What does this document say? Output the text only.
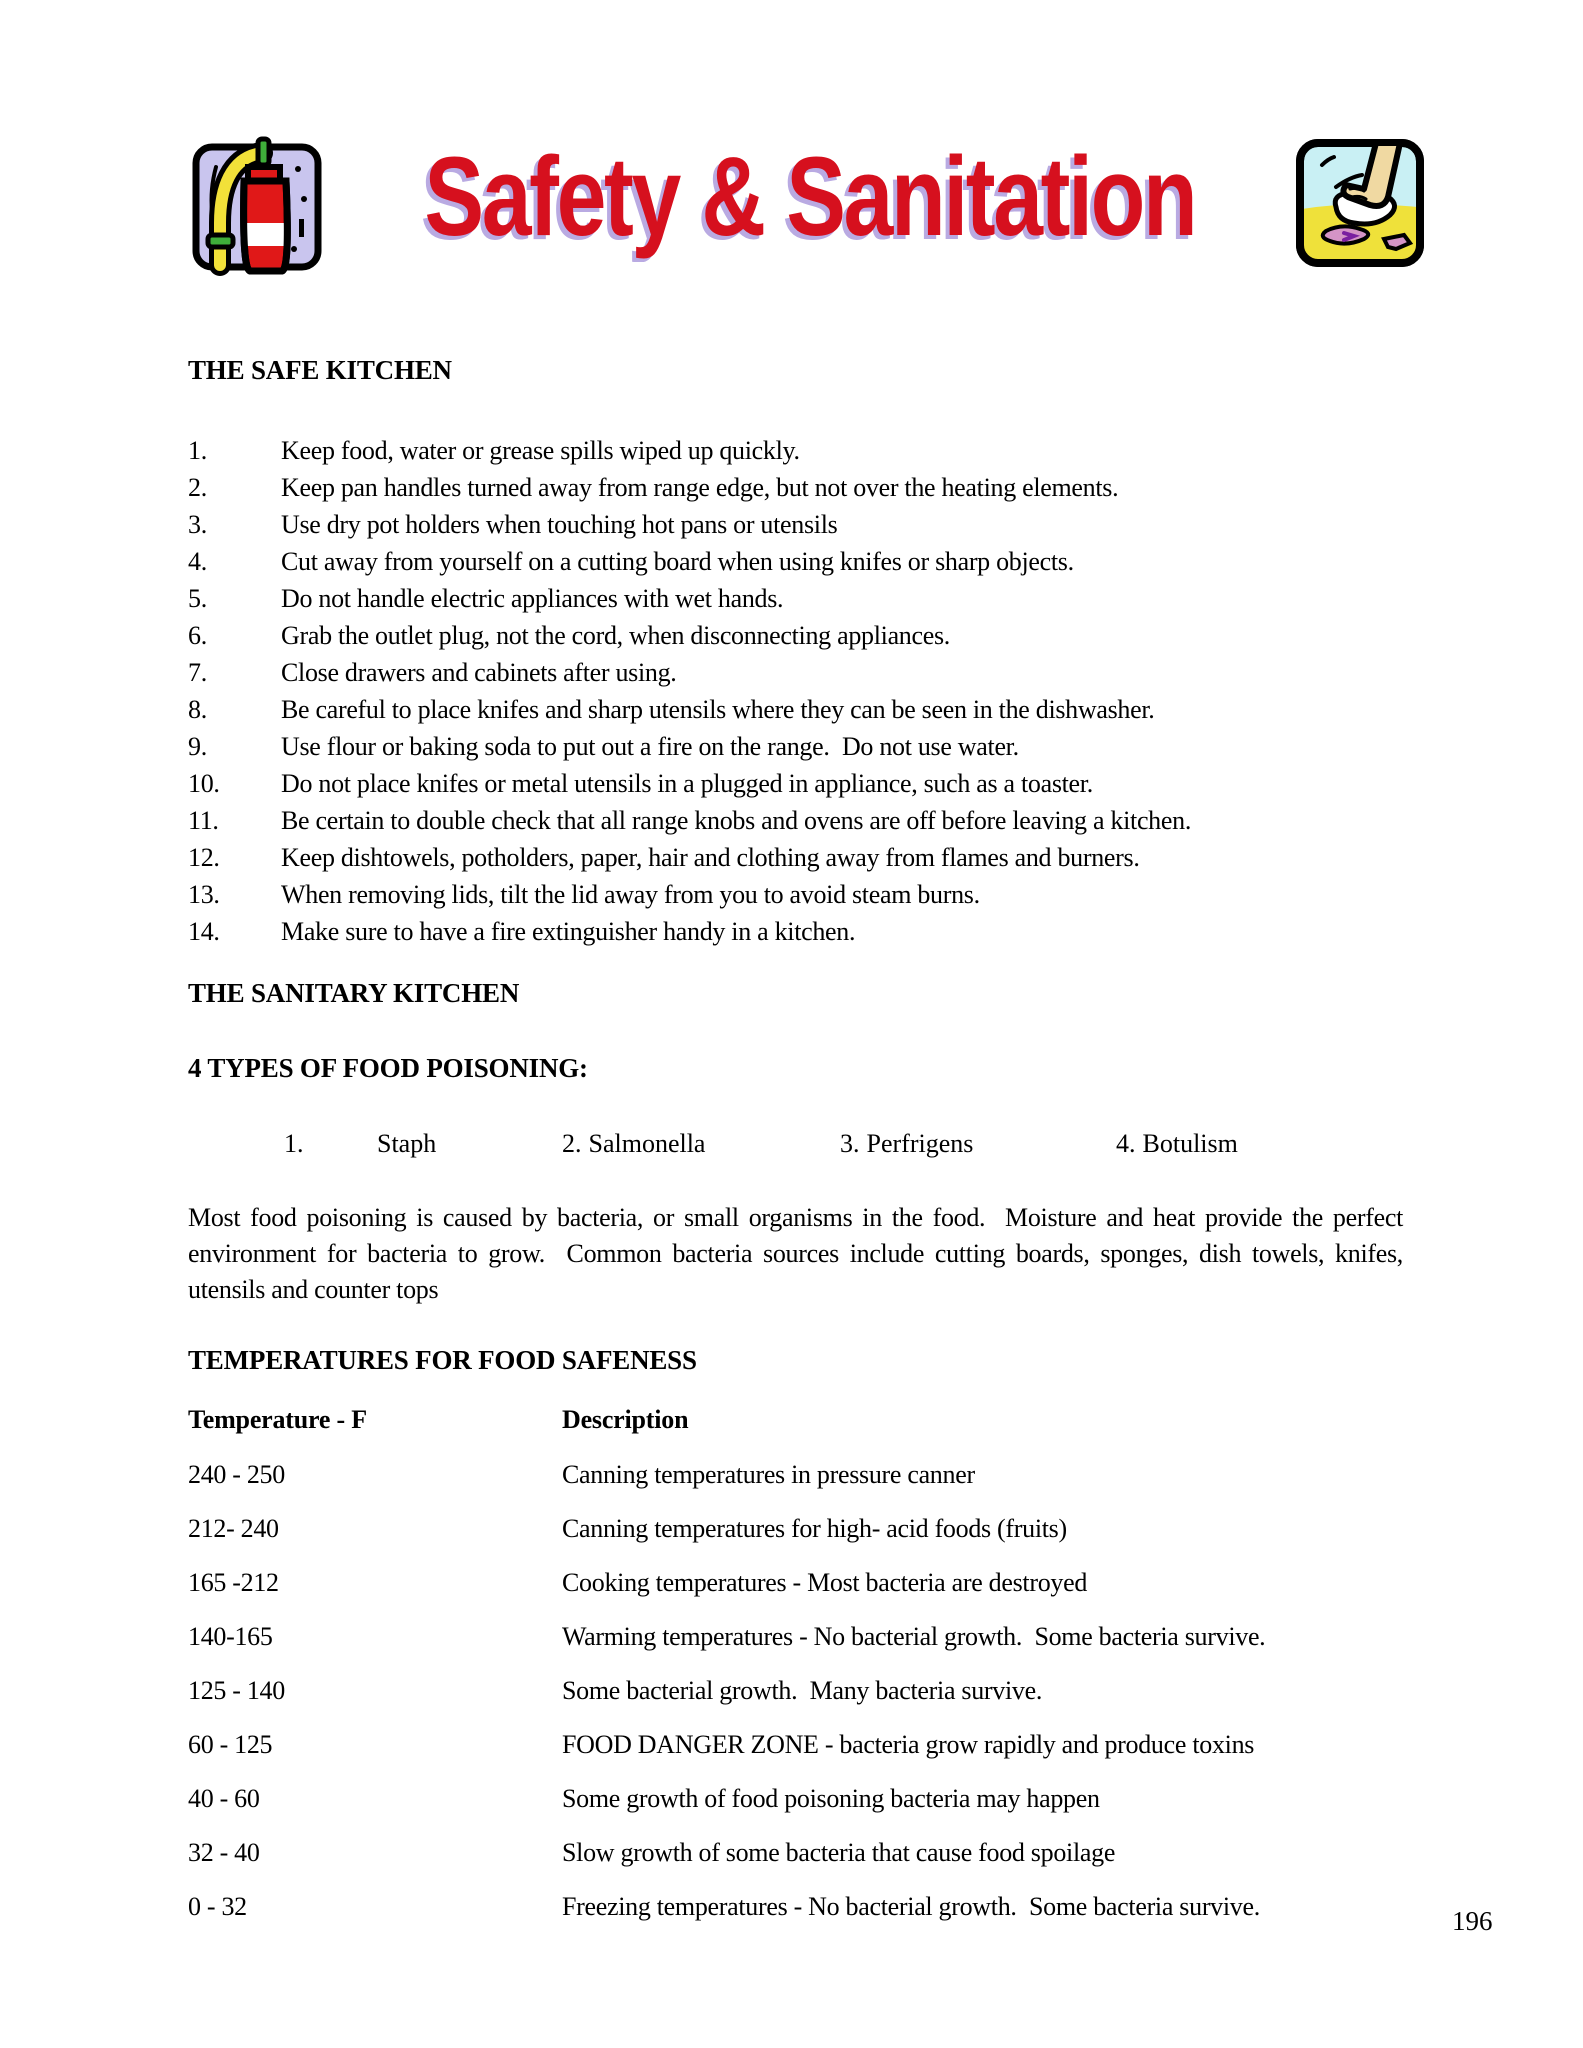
Safety & Sanitation

THE SAFE KITCHEN

1.	Keep food, water or grease spills wiped up quickly.
2.	Keep pan handles turned away from range edge, but not over the heating elements.
3.	Use dry pot holders when touching hot pans or utensils
4.	Cut away from yourself on a cutting board when using knifes or sharp objects.
5.	Do not handle electric appliances with wet hands.
6.	Grab the outlet plug, not the cord, when disconnecting appliances.
7.	Close drawers and cabinets after using.
8.	Be careful to place knifes and sharp utensils where they can be seen in the dishwasher.
9.	Use flour or baking soda to put out a fire on the range.  Do not use water.
10.	Do not place knifes or metal utensils in a plugged in appliance, such as a toaster.
11.	Be certain to double check that all range knobs and ovens are off before leaving a kitchen.
12.	Keep dishtowels, potholders, paper, hair and clothing away from flames and burners.
13.	When removing lids, tilt the lid away from you to avoid steam burns.
14.	Make sure to have a fire extinguisher handy in a kitchen.

THE SANITARY KITCHEN

4 TYPES OF FOOD POISONING:

1.	Staph	2. Salmonella	3. Perfrigens	4. Botulism

Most food poisoning is caused by bacteria, or small organisms in the food.  Moisture and heat provide the perfect environment for bacteria to grow.  Common bacteria sources include cutting boards, sponges, dish towels, knifes, utensils and counter tops

TEMPERATURES FOR FOOD SAFENESS

Temperature - F	Description
240 - 250	Canning temperatures in pressure canner
212- 240	Canning temperatures for high- acid foods (fruits)
165 -212	Cooking temperatures - Most bacteria are destroyed
140-165	Warming temperatures - No bacterial growth.  Some bacteria survive.
125 - 140	Some bacterial growth.  Many bacteria survive.
60 - 125	FOOD DANGER ZONE - bacteria grow rapidly and produce toxins
40 - 60	Some growth of food poisoning bacteria may happen
32 - 40	Slow growth of some bacteria that cause food spoilage
0 - 32	Freezing temperatures - No bacterial growth.  Some bacteria survive.	196
